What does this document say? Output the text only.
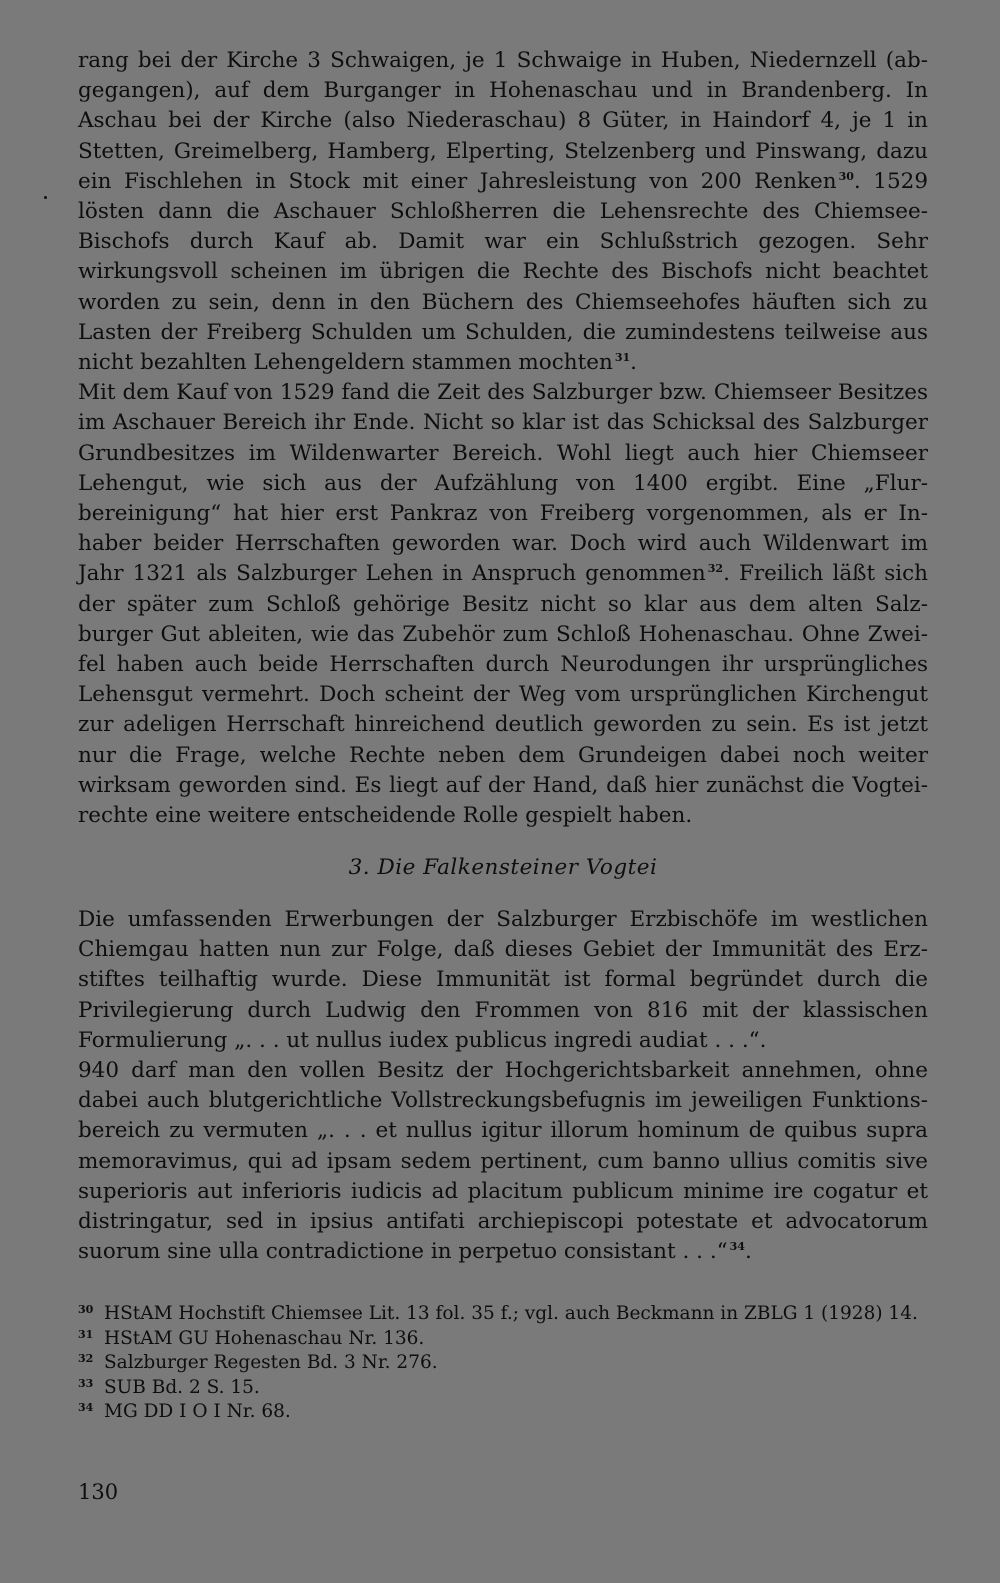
rang bei der Kirche 3 Schwaigen, je 1 Schwaige in Huben, Niedernzell (abgegangen), auf dem Burganger in Hohenaschau und in Brandenberg. In Aschau bei der Kirche (also Niederaschau) 8 Güter, in Haindorf 4, je 1 in Stetten, Greimelberg, Hamberg, Elperting, Stelzenberg und Pinswang, dazu ein Fischlehen in Stock mit einer Jahresleistung von 200 Renken $^{30}$. 1529 lösten dann die Aschauer Schloßherren die Lehensrechte des Chiemsee-Bischofs durch Kauf ab. Damit war ein Schlußstrich gezogen. Sehr wirkungsvoll scheinen im übrigen die Rechte des Bischofs nicht beachtet worden zu sein, denn in den Büchern des Chiemseehofes häuften sich zu Lasten der Freiberg Schulden um Schulden, die zumindestens teilweise aus nicht bezahlten Lehengeldern stammen mochten $^{31}$.

Mit dem Kauf von 1529 fand die Zeit des Salzburger bzw. Chiemseer Besitzes im Aschauer Bereich ihr Ende. Nicht so klar ist das Schicksal des Salzburger Grundbesitzes im Wildenwarter Bereich. Wohl liegt auch hier Chiemseer Lehengut, wie sich aus der Aufzählung von 1400 ergibt. Eine „Flurbereinigung“ hat hier erst Pankraz von Freiberg vorgenommen, als er Inhaber beider Herrschaften geworden war. Doch wird auch Wildenwart im Jahr 1321 als Salzburger Lehen in Anspruch genommen $^{32}$. Freilich läßt sich der später zum Schloß gehörige Besitz nicht so klar aus dem alten Salzburger Gut ableiten, wie das Zubehör zum Schloß Hohenaschau. Ohne Zweifel haben auch beide Herrschaften durch Neurodungen ihr ursprüngliches Lehensgut vermehrt. Doch scheint der Weg vom ursprünglichen Kirchengut zur adeligen Herrschaft hinreichend deutlich geworden zu sein. Es ist jetzt nur die Frage, welche Rechte neben dem Grundeigen dabei noch weiter wirksam geworden sind. Es liegt auf der Hand, daß hier zunächst die Vogteirechte eine weitere entscheidende Rolle gespielt haben.

3. Die Falkensteiner Vogtei

Die umfassenden Erwerbungen der Salzburger Erzbischöfe im westlichen Chiemgau hatten nun zur Folge, daß dieses Gebiet der Immunität des Erzstiftes teilhaftig wurde. Diese Immunität ist formal begründet durch die Privilegierung durch Ludwig den Frommen von 816 mit der klassischen Formulierung „. . . ut nullus iudex publicus ingredi audiat . . .“.

940 darf man den vollen Besitz der Hochgerichtsbarkeit annehmen, ohne dabei auch blutgerichtliche Vollstreckungsbefugnis im jeweiligen Funktionsbereich zu vermuten „. . . et nullus igitur illorum hominum de quibus supra memoravimus, qui ad ipsam sedem pertinent, cum banno ullius comitis sive superioris aut inferioris iudicis ad placitum publicum minime ire cogatur et distringatur, sed in ipsius antifati archiepiscopi potestate et advocatorum suorum sine ulla contradictione in perpetuo consistant . . .“ $^{34}$.

30 HStAM Hochstift Chiemsee Lit. 13 fol. 35 f.; vgl. auch Beckmann in ZBLG 1 (1928) 14.
31 HStAM GU Hohenaschau Nr. 136.
32 Salzburger Regesten Bd. 3 Nr. 276.
33 SUB Bd. 2 S. 15.
34 MG DD I O I Nr. 68.
130
